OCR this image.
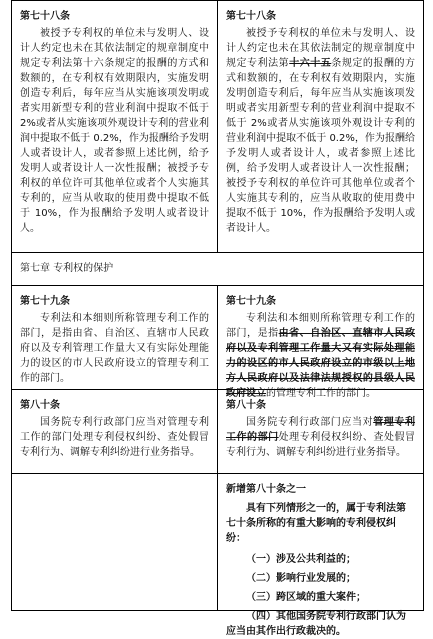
第七十八条
被授予专利权的单位未与发明人、设计人约定也未在其依法制定的规章制度中规定专利法第十六条规定的报酬的方式和数额的，在专利权有效期限内，实施发明创造专利后，每年应当从实施该项发明或者实用新型专利的营业利润中提取不低于 2%或者从实施该项外观设计专利的营业利润中提取不低于 0.2%，作为报酬给予发明人或者设计人，或者参照上述比例，给予发明人或者设计人一次性报酬；被授予专利权的单位许可其他单位或者个人实施其专利的，应当从收取的使用费中提取不低于 10%，作为报酬给予发明人或者设计人。
第七十八条
被授予专利权的单位未与发明人、设计人约定也未在其依法制定的规章制度中规定专利法第十六十五条规定的报酬的方式和数额的，在专利权有效期限内，实施发明创造专利后，每年应当从实施该项发明或者实用新型专利的营业利润中提取不低于 2%或者从实施该项外观设计专利的营业利润中提取不低于 0.2%，作为报酬给予发明人或者设计人，或者参照上述比例，给予发明人或者设计人一次性报酬；被授予专利权的单位许可其他单位或者个人实施其专利的，应当从收取的使用费中提取不低于 10%，作为报酬给予发明人或者设计人。
第七章 专利权的保护
第七十九条
专利法和本细则所称管理专利工作的部门，是指由省、自治区、直辖市人民政府以及专利管理工作量大又有实际处理能力的设区的市人民政府设立的管理专利工作的部门。
第七十九条
专利法和本细则所称管理专利工作的部门，是指由省、自治区、直辖市人民政府以及专利管理工作量大又有实际处理能力的设区的市人民政府设立的市级以上地方人民政府以及法律法规授权的县级人民政府设立的管理专利工作的部门。
第八十条
国务院专利行政部门应当对管理专利工作的部门处理专利侵权纠纷、查处假冒专利行为、调解专利纠纷进行业务指导。
第八十条
国务院专利行政部门应当对管理专利工作的部门处理专利侵权纠纷、查处假冒专利行为、调解专利纠纷进行业务指导。
新增第八十条之一
具有下列情形之一的，属于专利法第七十条所称的有重大影响的专利侵权纠纷：
（一）涉及公共利益的；
（二）影响行业发展的；
（三）跨区域的重大案件；
（四）其他国务院专利行政部门认为应当由其作出行政裁决的。
